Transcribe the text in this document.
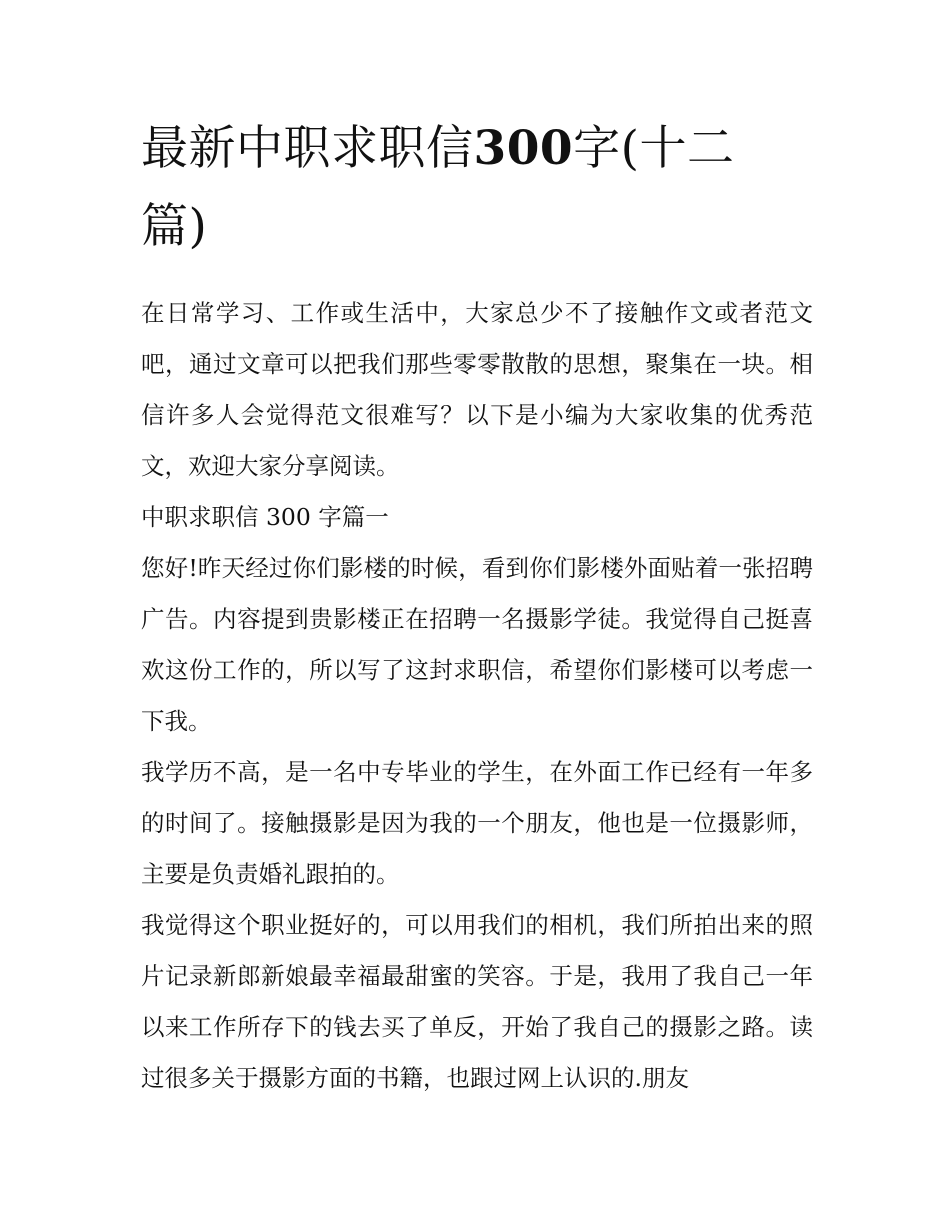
最新中职求职信300字(十二篇)

在日常学习、工作或生活中，大家总少不了接触作文或者范文吧，通过文章可以把我们那些零零散散的思想，聚集在一块。相信许多人会觉得范文很难写？以下是小编为大家收集的优秀范文，欢迎大家分享阅读。

中职求职信 300 字篇一

您好!昨天经过你们影楼的时候，看到你们影楼外面贴着一张招聘广告。内容提到贵影楼正在招聘一名摄影学徒。我觉得自己挺喜欢这份工作的，所以写了这封求职信，希望你们影楼可以考虑一下我。

我学历不高，是一名中专毕业的学生，在外面工作已经有一年多的时间了。接触摄影是因为我的一个朋友，他也是一位摄影师，主要是负责婚礼跟拍的。

我觉得这个职业挺好的，可以用我们的相机，我们所拍出来的照片记录新郎新娘最幸福最甜蜜的笑容。于是，我用了我自己一年以来工作所存下的钱去买了单反，开始了我自己的摄影之路。读过很多关于摄影方面的书籍，也跟过网上认识的.朋友
